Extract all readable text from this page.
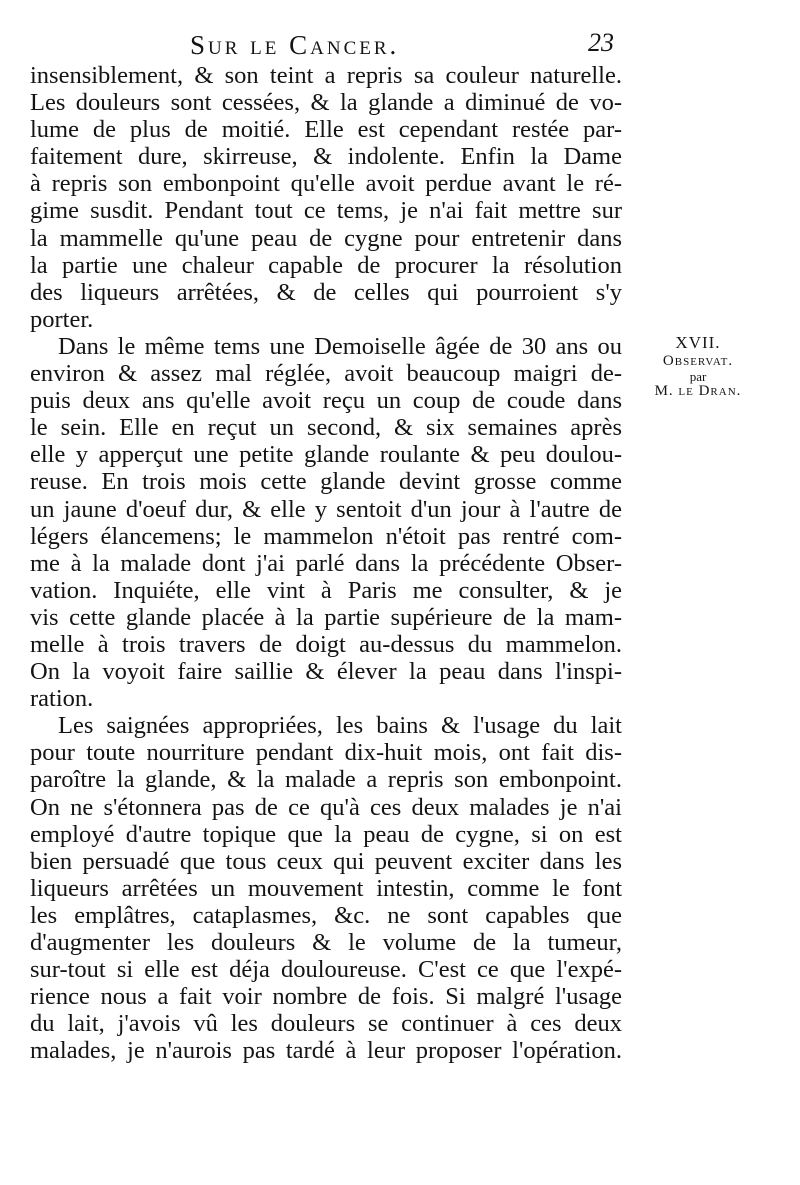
Sur le Cancer.	23
insensiblement, & son teint a repris sa couleur naturelle.
Les douleurs sont cessées, & la glande a diminué de vo-
lume de plus de moitié. Elle est cependant restée par-
faitement dure, skirreuse, & indolente. Enfin la Dame
à repris son embonpoint qu'elle avoit perdue avant le ré-
gime susdit. Pendant tout ce tems, je n'ai fait mettre sur
la mammelle qu'une peau de cygne pour entretenir dans
la partie une chaleur capable de procurer la résolution
des liqueurs arrêtées, & de celles qui pourroient s'y
porter.
Dans le même tems une Demoiselle âgée de 30 ans ou
environ & assez mal réglée, avoit beaucoup maigri de-
puis deux ans qu'elle avoit reçu un coup de coude dans
le sein. Elle en reçut un second, & six semaines après
elle y apperçut une petite glande roulante & peu doulou-
reuse. En trois mois cette glande devint grosse comme
un jaune d'oeuf dur, & elle y sentoit d'un jour à l'autre de
légers élancemens; le mammelon n'étoit pas rentré com-
me à la malade dont j'ai parlé dans la précédente Obser-
vation. Inquiéte, elle vint à Paris me consulter, & je
vis cette glande placée à la partie supérieure de la mam-
melle à trois travers de doigt au-dessus du mammelon.
On la voyoit faire saillie & élever la peau dans l'inspi-
ration.
Les saignées appropriées, les bains & l'usage du lait
pour toute nourriture pendant dix-huit mois, ont fait dis-
paroître la glande, & la malade a repris son embonpoint.
On ne s'étonnera pas de ce qu'à ces deux malades je n'ai
employé d'autre topique que la peau de cygne, si on est
bien persuadé que tous ceux qui peuvent exciter dans les
liqueurs arrêtées un mouvement intestin, comme le font
les emplâtres, cataplasmes, &c. ne sont capables que
d'augmenter les douleurs & le volume de la tumeur,
sur-tout si elle est déja douloureuse. C'est ce que l'expé-
rience nous a fait voir nombre de fois. Si malgré l'usage
du lait, j'avois vû les douleurs se continuer à ces deux
malades, je n'aurois pas tardé à leur proposer l'opération.
XVII.
Observat.
par
M. le Dran.
